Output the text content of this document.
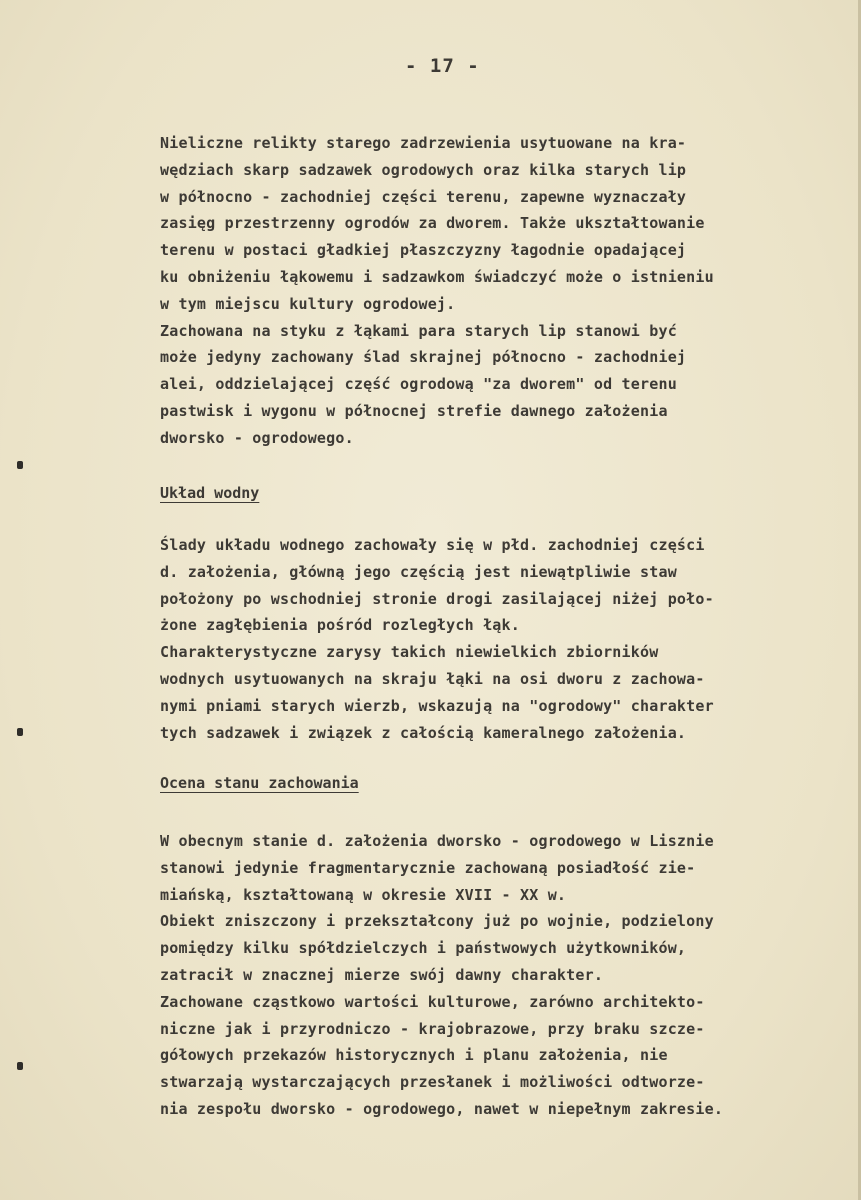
- 17 -
Nieliczne relikty starego zadrzewienia usytuowane na kra-
wędziach skarp sadzawek ogrodowych oraz kilka starych lip
w północno - zachodniej części terenu, zapewne wyznaczały
zasięg przestrzenny ogrodów za dworem. Także ukształtowanie
terenu w postaci gładkiej płaszczyzny łagodnie opadającej
ku obniżeniu łąkowemu i sadzawkom świadczyć może o istnieniu
w tym miejscu kultury ogrodowej.
Zachowana na styku z łąkami para starych lip stanowi być
może jedyny zachowany ślad skrajnej północno - zachodniej
alei, oddzielającej część ogrodową "za dworem" od terenu
pastwisk i wygonu w północnej strefie dawnego założenia
dworsko - ogrodowego.
Układ wodny
Ślady układu wodnego zachowały się w płd. zachodniej części
d. założenia, główną jego częścią jest niewątpliwie staw
położony po wschodniej stronie drogi zasilającej niżej poło-
żone zagłębienia pośród rozległych łąk.
Charakterystyczne zarysy takich niewielkich zbiorników
wodnych usytuowanych na skraju łąki na osi dworu z zachowa-
nymi pniami starych wierzb, wskazują na "ogrodowy" charakter
tych sadzawek i związek z całością kameralnego założenia.
Ocena stanu zachowania
W obecnym stanie d. założenia dworsko - ogrodowego w Lisznie
stanowi jedynie fragmentarycznie zachowaną posiadłość zie-
miańską, kształtowaną w okresie XVII - XX w.
Obiekt zniszczony i przekształcony już po wojnie, podzielony
pomiędzy kilku spółdzielczych i państwowych użytkowników,
zatracił w znacznej mierze swój dawny charakter.
Zachowane cząstkowo wartości kulturowe, zarówno architekto-
niczne jak i przyrodniczo - krajobrazowe, przy braku szcze-
gółowych przekazów historycznych i planu założenia, nie
stwarzają wystarczających przesłanek i możliwości odtworze-
nia zespołu dworsko - ogrodowego, nawet w niepełnym zakresie.
